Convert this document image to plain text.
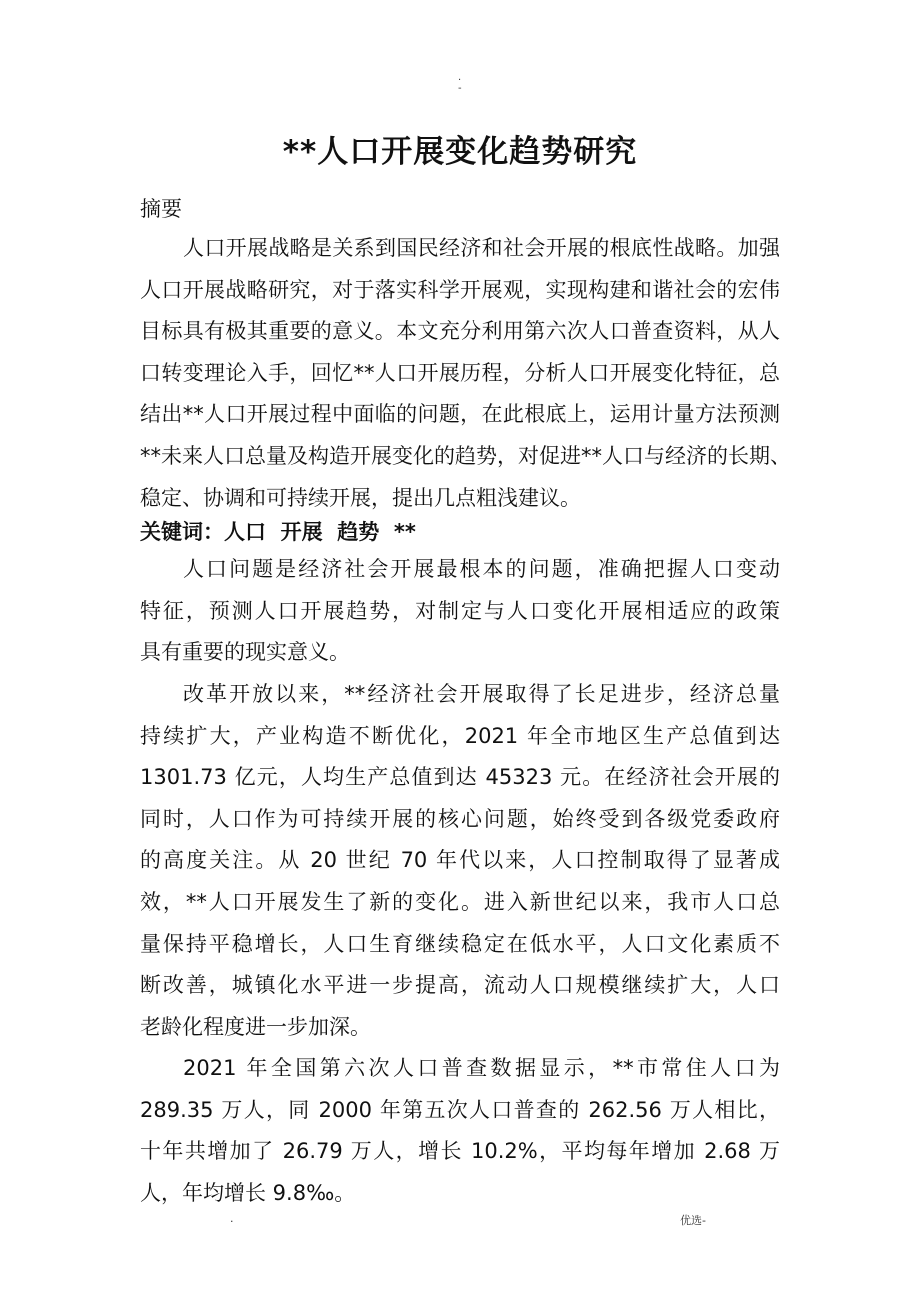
.
-
**人口开展变化趋势研究
摘要
人口开展战略是关系到国民经济和社会开展的根底性战略。加强
人口开展战略研究，对于落实科学开展观，实现构建和谐社会的宏伟
目标具有极其重要的意义。本文充分利用第六次人口普查资料，从人
口转变理论入手，回忆**人口开展历程，分析人口开展变化特征，总
结出**人口开展过程中面临的问题，在此根底上，运用计量方法预测
**未来人口总量及构造开展变化的趋势，对促进**人口与经济的长期、
稳定、协调和可持续开展，提出几点粗浅建议。
关键词：人口  开展  趋势  **
人口问题是经济社会开展最根本的问题，准确把握人口变动
特征，预测人口开展趋势，对制定与人口变化开展相适应的政策
具有重要的现实意义。
改革开放以来，**经济社会开展取得了长足进步，经济总量
持续扩大，产业构造不断优化，2021 年全市地区生产总值到达
1301.73 亿元，人均生产总值到达 45323 元。在经济社会开展的
同时，人口作为可持续开展的核心问题，始终受到各级党委政府
的高度关注。从 20 世纪 70 年代以来，人口控制取得了显著成
效，**人口开展发生了新的变化。进入新世纪以来，我市人口总
量保持平稳增长，人口生育继续稳定在低水平，人口文化素质不
断改善，城镇化水平进一步提高，流动人口规模继续扩大，人口
老龄化程度进一步加深。
2021 年全国第六次人口普查数据显示，**市常住人口为
289.35 万人，同 2000 年第五次人口普查的 262.56 万人相比，
十年共增加了 26.79 万人，增长 10.2%，平均每年增加 2.68 万
人，年均增长 9.8‰。
.	优选-
